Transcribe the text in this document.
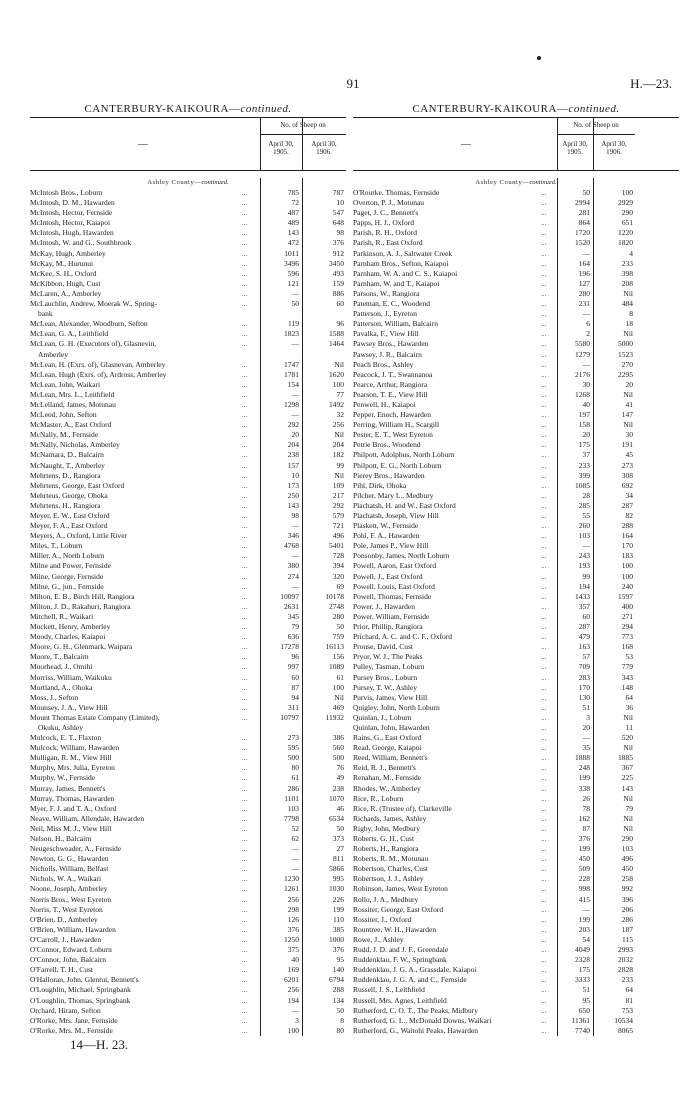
91	H.—23.
CANTERBURY-KAIKOURA—continued.
—
No. of Sheep on
April 30,
1905.
April 30,
1906.
Ashley County—continued.
McIntosh Bros., Loburn	...	785	787
McIntosh, D. M., Hawarden	...	72	10
McIntosh, Hector, Fernside	...	487	547
McIntosh, Hector, Kaiapoi	...	489	648
McIntosh, Hugh, Hawarden	...	143	98
McIntosh, W. and G., Southbrook	...	472	376
McKay, Hugh, Amberley	...	1011	912
McKay, M., Hurunui	...	3496	3450
McKee, S. H., Oxford	...	596	493
McKibbon, Hugh, Cust	...	121	159
McLaren, A., Amberley	...	—	886
McLauchlin, Andrew, Moerak W., Spring-	...	50	60
bank
McLean, Alexander, Woodburn, Sefton	...	119	96
McLean, G. A., Leithfield	...	1823	1588
McLean, G. H. (Executors of), Glasnevin,	...	—	1464
Amberley
McLean, H. (Exrs. of), Glasnevan, Amberley	...	1747	Nil
McLean, Hugh (Exrs. of), Ardross, Amberley	...	1781	1620
McLean, John, Waikari	...	154	100
McLean, Mrs. L., Leithfield	...	—	77
McLelland, James, Motunau	...	1298	1492
McLeod, John, Sefton	...	—	32
McMaster, A., East Oxford	...	292	256
McNally, M., Fernside	...	20	Nil
McNally, Nicholas, Amberley	...	204	204
McNamara, D., Balcairn	...	238	182
McNaught, T., Amberley	...	157	99
Mehrtens, D., Rangiora	...	10	Nil
Mehrtens, George, East Oxford	...	173	109
Mehrteus, George, Ohoka	...	250	217
Mehrtens, H., Rangiora	...	143	292
Meyer, E. W., East Oxford	...	98	579
Meyer, F. A., East Oxford	...	—	721
Meyers, A., Oxford, Little River	...	346	496
Miles, T., Loburn	...	4768	5401
Miller, A., North Loburn	...	—	728
Milne and Power, Fernside	...	380	394
Milne, George, Fernside	...	274	320
Milne, G., jun., Fernside	...	—	69
Milton, E. B., Birch Hill, Rangiora	...	10097	10178
Milton, J. D., Rakahuri, Rangiora	...	2631	2748
Mitchell, R., Waikari	...	345	280
Mockett, Henry, Amberley	...	79	50
Moody, Charles, Kaiapoi	...	636	759
Moore, G. H., Glenmark, Waipara	...	17278	16113
Moore, T., Balcairn	...	96	156
Moorhead, J., Omihi	...	997	1089
Morriss, William, Waikuku	...	60	61
Mortland, A., Ohoka	...	87	100
Moss, J., Sefton	...	94	Nil
Mounsey, J. A., View Hill	...	311	469
Mount Thomas Estate Company (Limited),	...	10797	11932
Okuku, Ashley
Mulcock, E. T., Flaxton	...	273	386
Mulcock, William, Hawarden	...	595	560
Mulligan, R. M., View Hill	...	500	500
Murphy, Mrs. Julia, Eyreton	...	80	76
Murphy, W., Fernside	...	61	49
Murray, James, Bennett's	...	286	238
Murray, Thomas, Hawarden	...	1101	1070
Myer, F. J. and T. A., Oxford	...	103	46
Neave, William, Allendale, Hawarden	...	7798	6534
Neil, Miss M. J., View Hill	...	52	50
Nelson, H., Balcairn	...	62	373
Neugeschweader, A., Fernside	...	—	27
Newton, G. G., Hawarden	...	—	811
Nicholls, William, Belfast	...	—	5866
Nichols, W. A., Waikari	...	1230	995
Noone, Joseph, Amberley	...	1261	1030
Norris Bros., West Eyreton	...	256	226
Norris, T., West Eyreton	...	298	199
O'Brien, D., Amberley	...	126	110
O'Brien, William, Hawarden	...	376	385
O'Carroll, J., Hawarden	...	1250	1000
O'Connor, Edward, Loburn	...	375	376
O'Connor, John, Balcairn	...	40	95
O'Farrell, T. H., Cust	...	169	140
O'Halloran, John, Glentui, Bennett's	...	6201	6794
O'Loughlin, Michael, Springbank	...	256	288
O'Loughlin, Thomas, Springbank	...	194	134
Orchard, Hiram, Sefton	...	—	50
O'Rorke, Mrs. Jane, Fernside	...	3	8
O'Rorke, Mrs. M., Fernside	...	100	80
CANTERBURY-KAIKOURA—continued.
—
No. of Sheep on
April 30,
1905.
April 30,
1906.
Ashley County—continued.
O'Rourke, Thomas, Fernside	...	50	100
Overton, P. J., Motunau	...	2994	2929
Paget, J. C., Bennett's	...	281	290
Papps, H. J., Oxford	...	864	651
Parish, R. H., Oxford	...	1720	1220
Parish, R., East Oxford	...	1520	1820
Parkinson, A. J., Saltwater Creek	...	—	4
Parnham Bros., Sefton, Kaiapoi	...	164	233
Parnham, W. A. and C. S., Kaiapoi	...	196	398
Parnham, W. and T., Kaiapoi	...	127	208
Parsons, W., Rangiora	...	280	Nil
Pateman, E. C., Woodend	...	231	484
Patterson, J., Eyreton	...	—	8
Patterson, William, Balcairn	...	6	18
Pavalka, F., View Hill	...	2	Nil
Pawsey Bros., Hawarden	...	5580	5000
Pawsey, J. R., Balcairn	...	1279	1523
Peach Bros., Ashley	...	—	270
Peacock, J. T., Swannanoa	...	2176	2295
Pearce, Arthur, Rangiora	...	30	20
Pearson, T. E., View Hill	...	1268	Nil
Penwell, H., Kaiapoi	...	40	41
Pepper, Enoch, Hawarden	...	197	147
Perring, William H., Scargill	...	158	Nil
Pester, E. T., West Eyreton	...	20	30
Petrie Bros., Woodend	...	175	191
Philpott, Adolphus, North Loburn	...	37	45
Philpott, E. G., North Loburn	...	233	273
Pierey Bros., Hawarden	...	399	308
Pihl, Dirk, Ohoka	...	1085	692
Pilcher, Mary L., Medbury	...	28	34
Plachatsh, H. and W., East Oxford	...	285	287
Plachatsh, Joseph, View Hill	...	55	82
Plaskett, W., Fernside	...	260	288
Pohl, F. A., Hawarden	...	103	164
Pole, James P., View Hill	...	—	170
Ponsonby, James, North Loburn	...	243	183
Powell, Aaron, East Oxford	...	193	100
Powell, J., East Oxford	...	99	100
Powell, Louis, East Oxford	...	194	240
Powell, Thomas, Fernside	...	1433	1597
Power, J., Hawarden	...	357	400
Power, William, Fernside	...	60	271
Prior, Phillip, Rangiora	...	287	294
Prichard, A. C. and C. F., Oxford	...	479	773
Prouse, David, Cust	...	163	168
Pryor, W. J., The Peaks	...	57	53
Pulley, Tasman, Loburn	...	709	779
Pursey Bros., Loburn	...	283	343
Pursey, T. W., Ashley	...	170	148
Purvis, James, View Hill	...	130	64
Quigley, John, North Loburn	...	51	36
Quinlan, J., Loburn	...	3	Nil
Quinlan, John, Hawarden	...	20	11
Rains, G., East Oxford	...	—	520
Read, George, Kaiapoi	...	35	Nil
Reed, William, Bennett's	...	1888	1885
Reid, R. J., Bennett's	...	248	367
Renahan, M., Fernside	...	199	225
Rhodes, W., Amberley	...	338	143
Rice, R., Loburn	...	26	Nil
Rice, R. (Trustee of), Clarkeville	...	78	79
Richards, James, Ashley	...	162	Nil
Rigby, John, Medbury	...	87	Nil
Roberts, G. H., Cust	...	376	290
Roberts, H., Rangiora	...	199	103
Roberts, R. M., Motunau	...	450	496
Robertson, Charles, Cust	...	509	450
Robertson, J. J., Ashley	...	228	258
Robinson, James, West Eyreton	...	998	992
Rollo, J. A., Medbury	...	415	396
Rossiter, George, East Oxford	...	—	206
Rossiter, J., Oxford	...	199	286
Rountree, W. H., Hawarden	...	203	187
Rowe, J., Ashley	...	54	115
Rudd, J. D. and J. F., Greendale	...	4049	2993
Ruddenklau, F. W., Springbank	...	2328	2032
Ruddenklau, J. G. A., Grassdale, Kaiapoi	...	175	2828
Ruddenklau, J. G. A. and C., Fernside	...	3333	233
Russell, J. S., Leithfield	...	51	64
Russell, Mrs. Agnes, Leithfield	...	95	81
Rutherford, C. O. T., The Peaks, Midbury	...	650	753
Rutherford, G. L., McDonald Downs, Waikari	...	11361	10534
Rutherford, G., Waitohi Peaks, Hawarden	...	7740	8065
14—H. 23.
